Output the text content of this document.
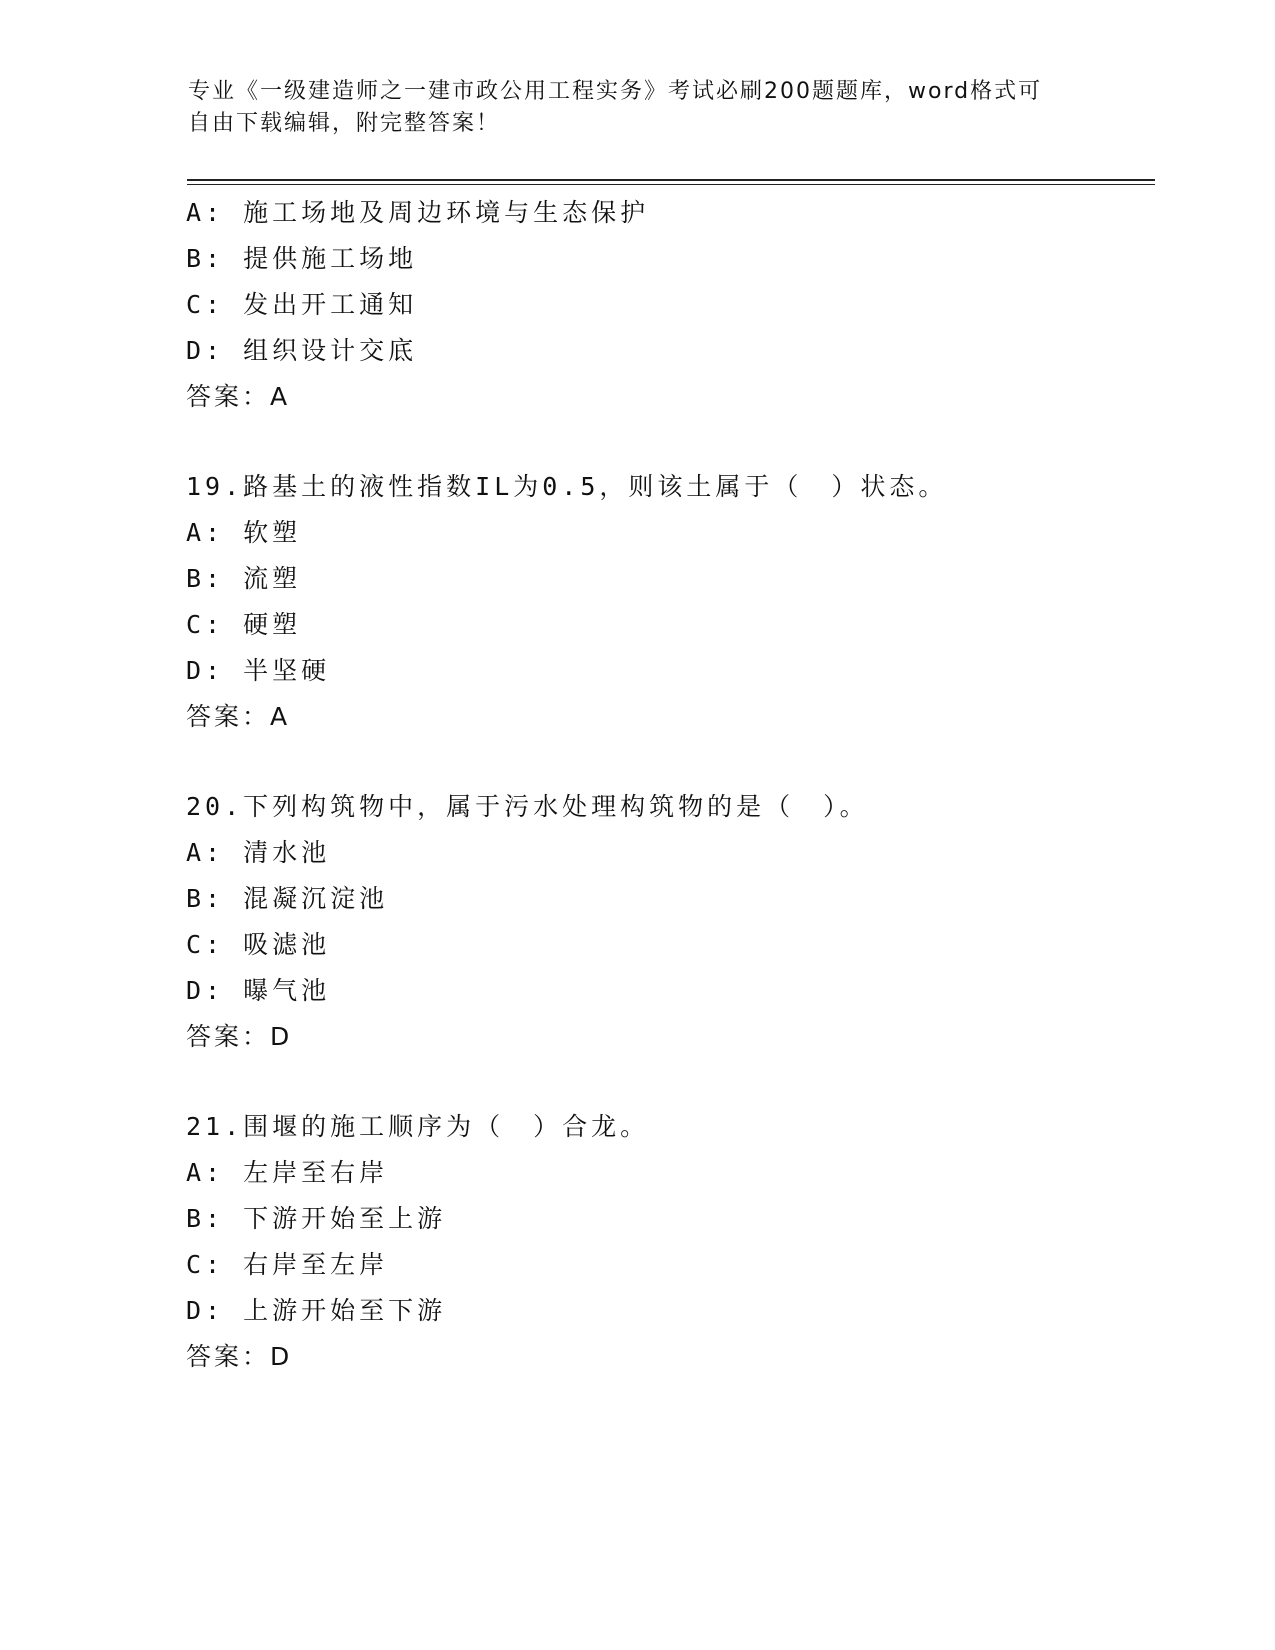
专业《一级建造师之一建市政公用工程实务》考试必刷200题题库，word格式可
自由下载编辑，附完整答案！
A: 施工场地及周边环境与生态保护
B: 提供施工场地
C: 发出开工通知
D: 组织设计交底
答案：A
19.路基土的液性指数IL为0.5，则该土属于（　）状态。
A: 软塑
B: 流塑
C: 硬塑
D: 半坚硬
答案：A
20.下列构筑物中，属于污水处理构筑物的是（　）。
A: 清水池
B: 混凝沉淀池
C: 吸滤池
D: 曝气池
答案：D
21.围堰的施工顺序为（　）合龙。
A: 左岸至右岸
B: 下游开始至上游
C: 右岸至左岸
D: 上游开始至下游
答案：D
